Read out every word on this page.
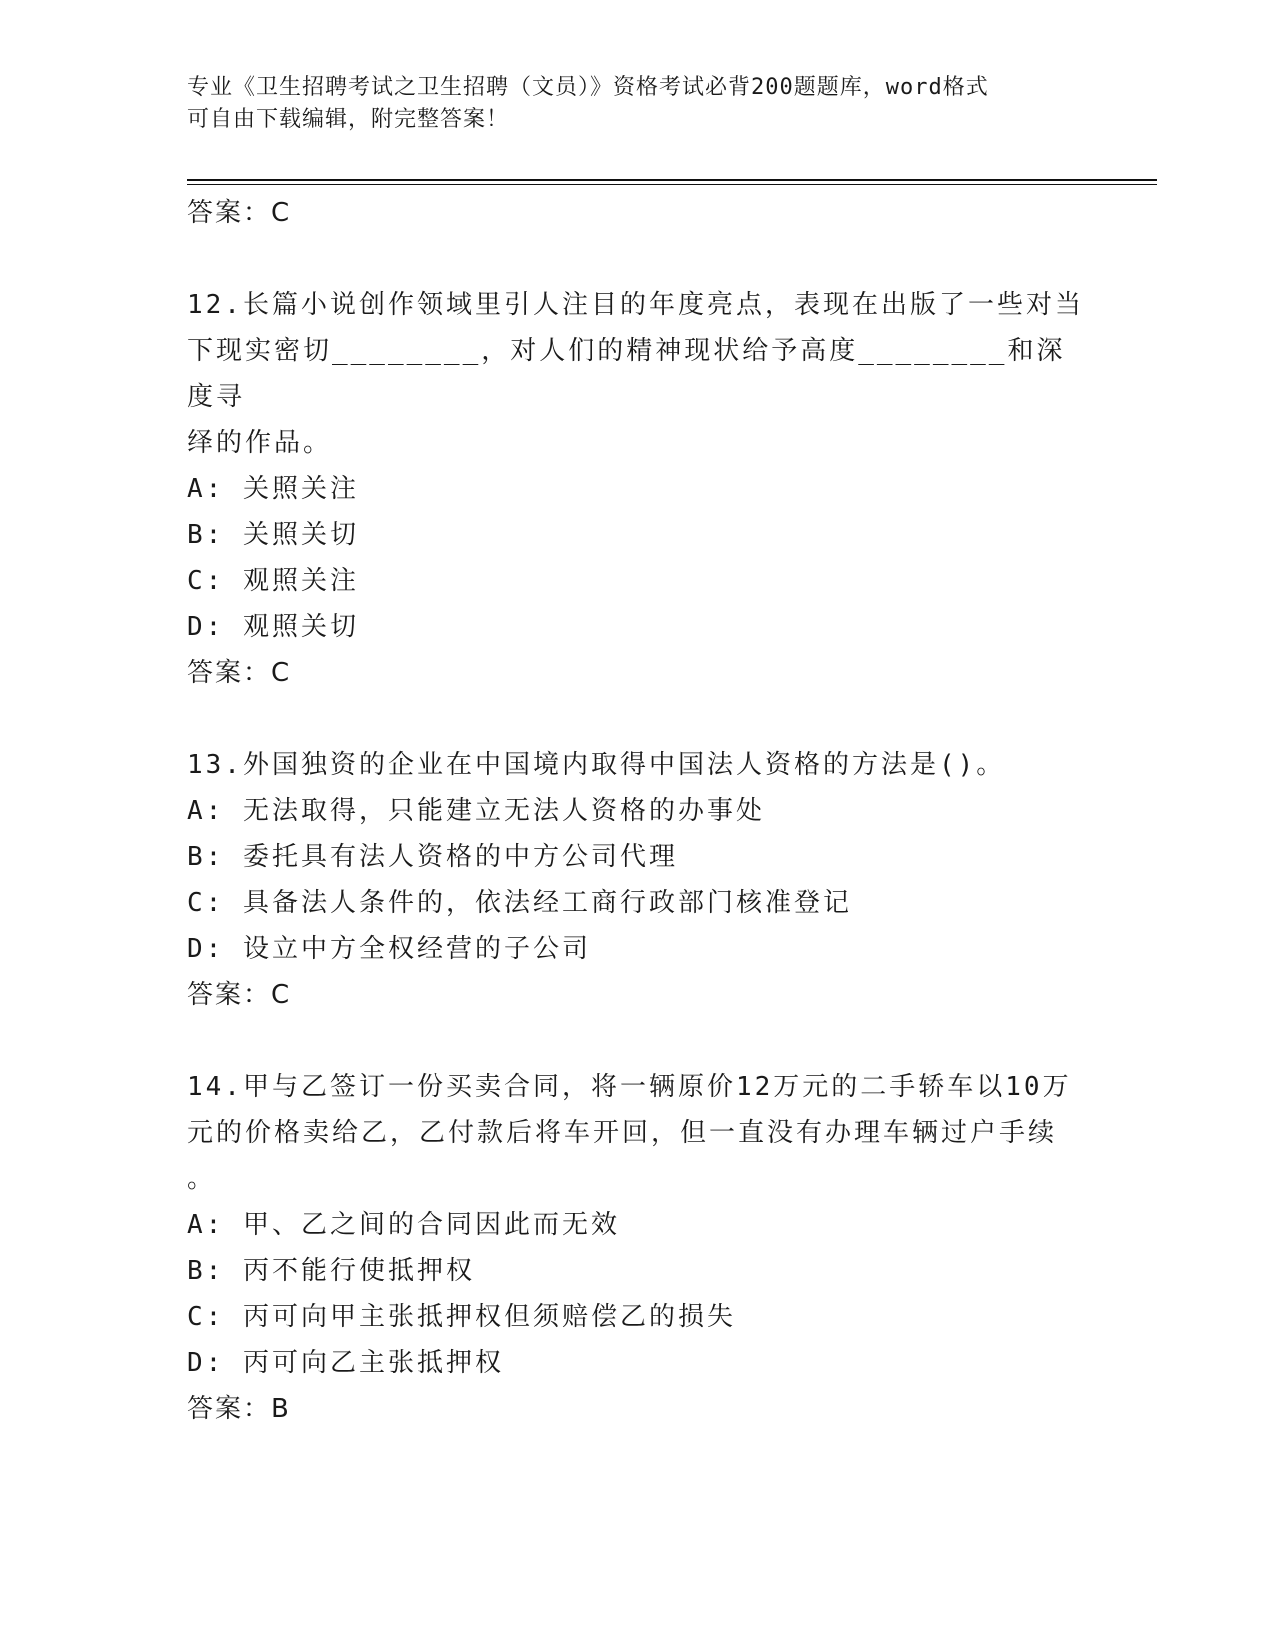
专业《卫生招聘考试之卫生招聘（文员）》资格考试必背200题题库，word格式
可自由下载编辑，附完整答案！
答案：C
12.长篇小说创作领域里引人注目的年度亮点，表现在出版了一些对当
下现实密切________，对人们的精神现状给予高度________和深度寻
绎的作品。
A: 关照关注
B: 关照关切
C: 观照关注
D: 观照关切
答案：C
13.外国独资的企业在中国境内取得中国法人资格的方法是()。
A: 无法取得，只能建立无法人资格的办事处
B: 委托具有法人资格的中方公司代理
C: 具备法人条件的，依法经工商行政部门核准登记
D: 设立中方全权经营的子公司
答案：C
14.甲与乙签订一份买卖合同，将一辆原价12万元的二手轿车以10万
元的价格卖给乙，乙付款后将车开回，但一直没有办理车辆过户手续
。
A: 甲、乙之间的合同因此而无效
B: 丙不能行使抵押权
C: 丙可向甲主张抵押权但须赔偿乙的损失
D: 丙可向乙主张抵押权
答案：B
